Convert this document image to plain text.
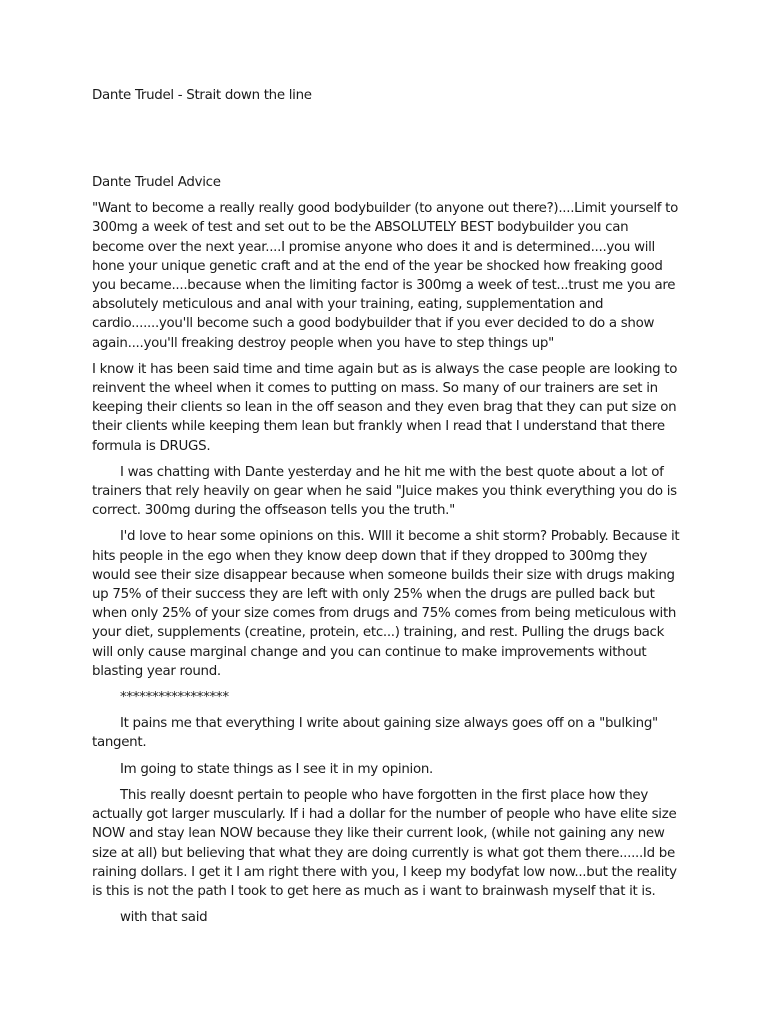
Dante Trudel - Strait down the line

Dante Trudel Advice

"Want to become a really really good bodybuilder (to anyone out there?)....Limit yourself to 300mg a week of test and set out to be the ABSOLUTELY BEST bodybuilder you can become over the next year....I promise anyone who does it and is determined....you will hone your unique genetic craft and at the end of the year be shocked how freaking good you became....because when the limiting factor is 300mg a week of test...trust me you are absolutely meticulous and anal with your training, eating, supplementation and cardio.......you'll become such a good bodybuilder that if you ever decided to do a show again....you'll freaking destroy people when you have to step things up"

I know it has been said time and time again but as is always the case people are looking to reinvent the wheel when it comes to putting on mass. So many of our trainers are set in keeping their clients so lean in the off season and they even brag that they can put size on their clients while keeping them lean but frankly when I read that I understand that there formula is DRUGS.

I was chatting with Dante yesterday and he hit me with the best quote about a lot of trainers that rely heavily on gear when he said "Juice makes you think everything you do is correct. 300mg during the offseason tells you the truth."

I'd love to hear some opinions on this. WIll it become a shit storm? Probably. Because it hits people in the ego when they know deep down that if they dropped to 300mg they would see their size disappear because when someone builds their size with drugs making up 75% of their success they are left with only 25% when the drugs are pulled back but when only 25% of your size comes from drugs and 75% comes from being meticulous with your diet, supplements (creatine, protein, etc...) training, and rest. Pulling the drugs back will only cause marginal change and you can continue to make improvements without blasting year round.

*****************

It pains me that everything I write about gaining size always goes off on a "bulking" tangent.

Im going to state things as I see it in my opinion.

This really doesnt pertain to people who have forgotten in the first place how they actually got larger muscularly. If i had a dollar for the number of people who have elite size NOW and stay lean NOW because they like their current look, (while not gaining any new size at all) but believing that what they are doing currently is what got them there......Id be raining dollars. I get it I am right there with you, I keep my bodyfat low now...but the reality is this is not the path I took to get here as much as i want to brainwash myself that it is.

with that said
